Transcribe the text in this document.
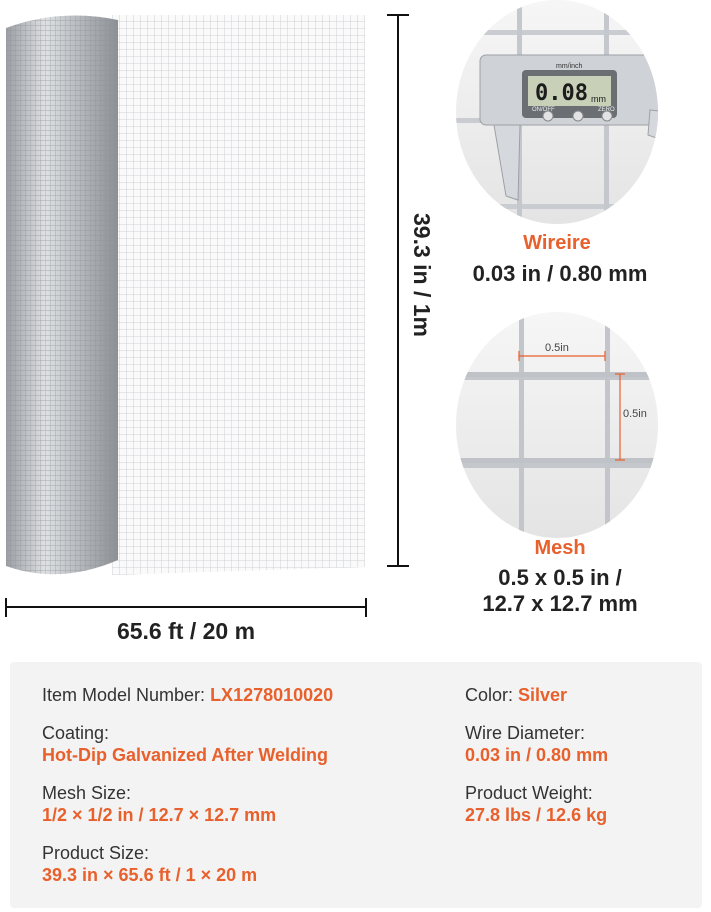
0.08 mm
mm/inch
ON/OFF	ZERO
0.5in
0.5in
39.3 in / 1m
65.6 ft / 20 m
Wireire
0.03 in / 0.80 mm
Mesh
0.5 x 0.5 in /
12.7 x 12.7 mm
Item Model Number: LX1278010020	Color: Silver
Coating:
Hot-Dip Galvanized After Welding
Wire Diameter:
0.03 in / 0.80 mm
Mesh Size:
1/2 × 1/2 in / 12.7 × 12.7 mm
Product Weight:
27.8 lbs / 12.6 kg
Product Size:
39.3 in × 65.6 ft / 1 × 20 m
